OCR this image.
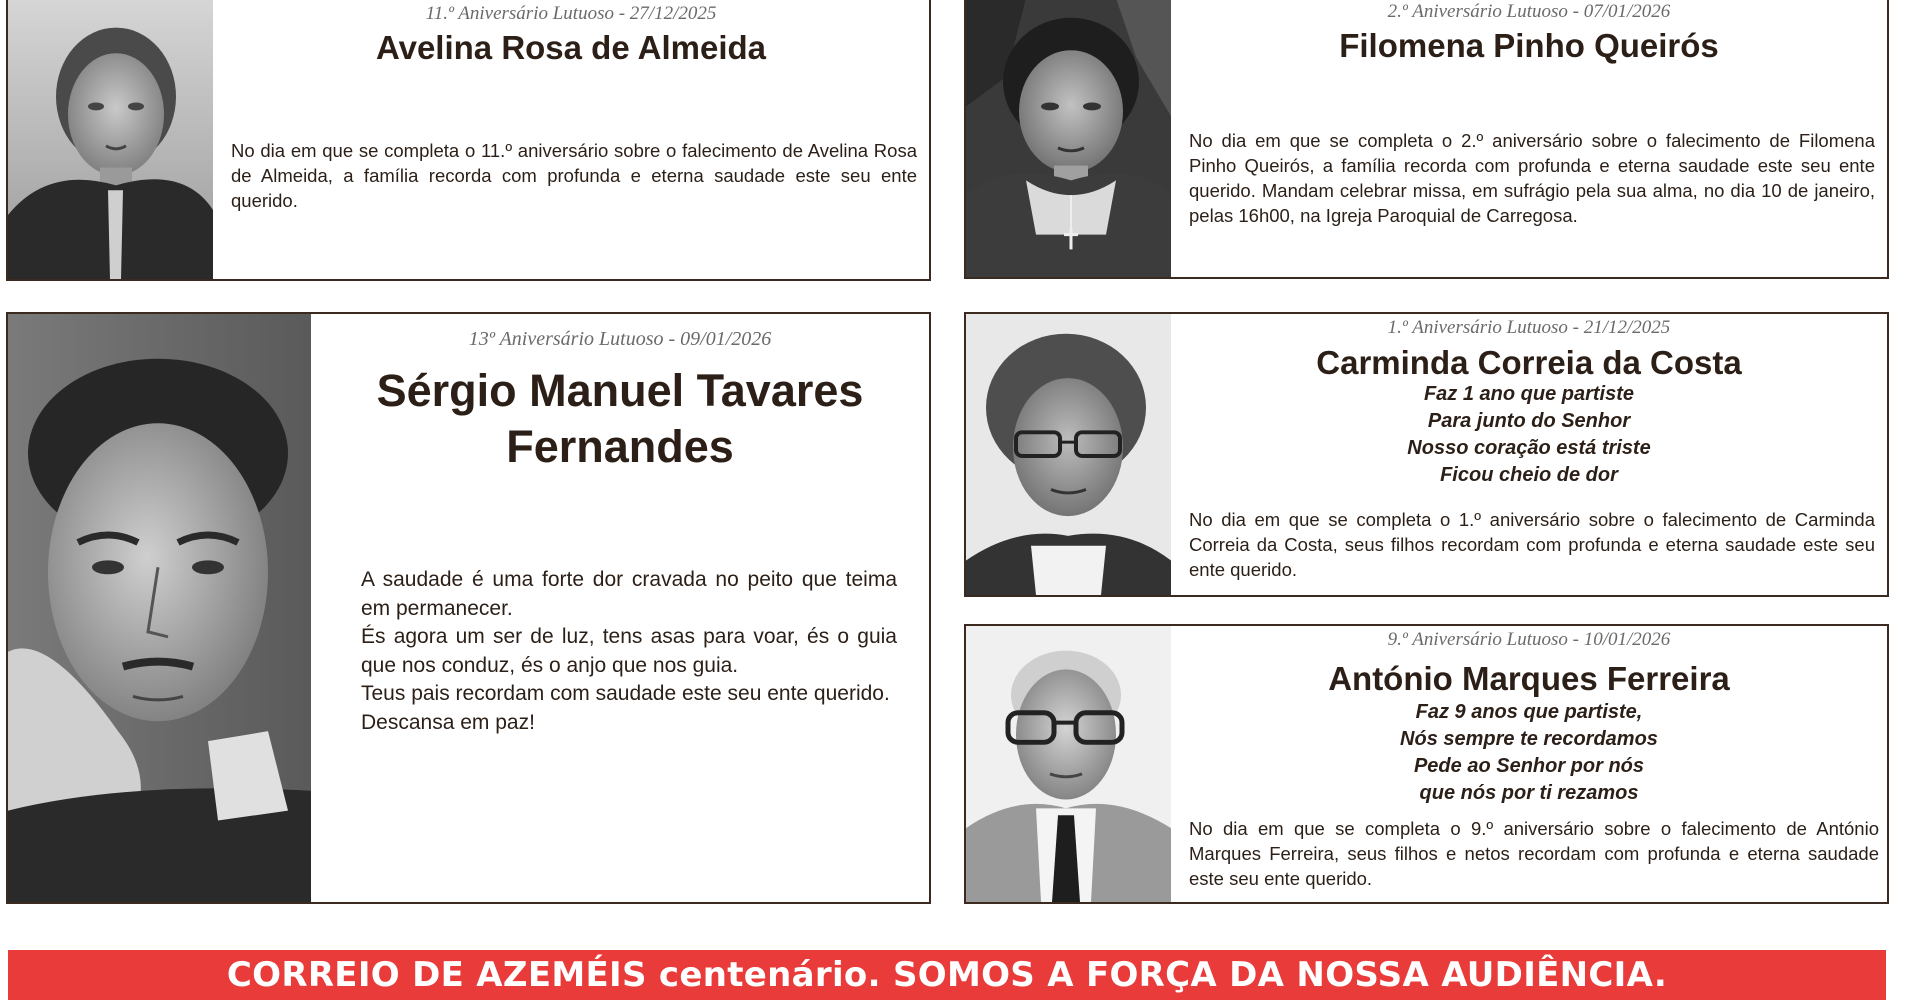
11.º Aniversário Lutuoso - 27/12/2025

Avelina Rosa de Almeida

No dia em que se completa o 11.º aniversário sobre o falecimento de Avelina Rosa de Almeida, a família recorda com profunda e eterna saudade este seu ente querido.

2.º Aniversário Lutuoso - 07/01/2026

Filomena Pinho Queirós

No dia em que se completa o 2.º aniversário sobre o falecimento de Filomena Pinho Queirós, a família recorda com profunda e eterna saudade este seu ente querido. Mandam celebrar missa, em sufrágio pela sua alma, no dia 10 de janeiro, pelas 16h00, na Igreja Paroquial de Carregosa.

13º Aniversário Lutuoso - 09/01/2026

Sérgio Manuel Tavares
Fernandes
A saudade é uma forte dor cravada no peito que teima em permanecer.
És agora um ser de luz, tens asas para voar, és o guia que nos conduz, és o anjo que nos guia.
Teus pais recordam com saudade este seu ente querido.
Descansa em paz!

1.º Aniversário Lutuoso - 21/12/2025

Carminda Correia da Costa
Faz 1 ano que partiste
Para junto do Senhor
Nosso coração está triste
Ficou cheio de dor

No dia em que se completa o 1.º aniversário sobre o falecimento de Carminda Correia da Costa, seus filhos recordam com profunda e eterna saudade este seu ente querido.

9.º Aniversário Lutuoso - 10/01/2026

António Marques Ferreira
Faz 9 anos que partiste,
Nós sempre te recordamos
Pede ao Senhor por nós
que nós por ti rezamos

No dia em que se completa o 9.º aniversário sobre o falecimento de António Marques Ferreira, seus filhos e netos recordam com profunda e eterna saudade este seu ente querido.

CORREIO DE AZEMÉIS centenário. SOMOS A FORÇA DA NOSSA AUDIÊNCIA.
